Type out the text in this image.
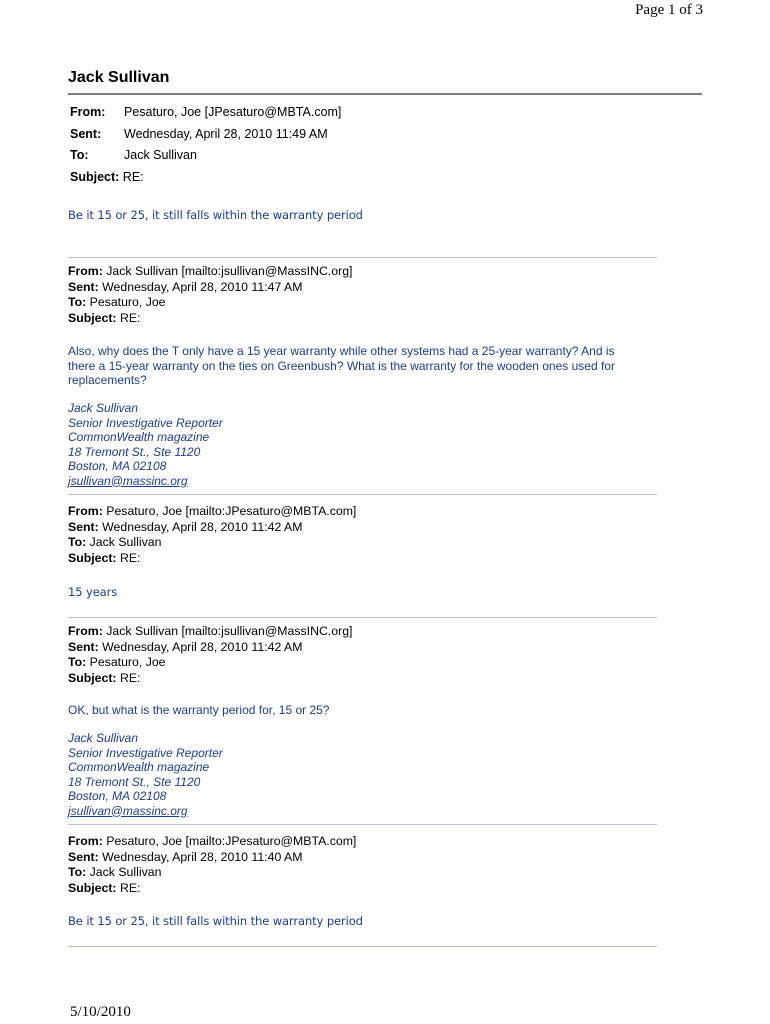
Page 1 of 3
Jack Sullivan
From:	Pesaturo, Joe [JPesaturo@MBTA.com]
Sent:	Wednesday, April 28, 2010 11:49 AM
To:	Jack Sullivan
Subject: RE:	
Be it 15 or 25, it still falls within the warranty period
From: Jack Sullivan [mailto:jsullivan@MassINC.org]
Sent: Wednesday, April 28, 2010 11:47 AM
To: Pesaturo, Joe
Subject: RE:
Also, why does the T only have a 15 year warranty while other systems had a 25-year warranty? And is
there a 15-year warranty on the ties on Greenbush? What is the warranty for the wooden ones used for
replacements?
Jack Sullivan
Senior Investigative Reporter
CommonWealth magazine
18 Tremont St., Ste 1120
Boston, MA 02108
jsullivan@massinc.org
From: Pesaturo, Joe [mailto:JPesaturo@MBTA.com]
Sent: Wednesday, April 28, 2010 11:42 AM
To: Jack Sullivan
Subject: RE:
15 years
From: Jack Sullivan [mailto:jsullivan@MassINC.org]
Sent: Wednesday, April 28, 2010 11:42 AM
To: Pesaturo, Joe
Subject: RE:
OK, but what is the warranty period for, 15 or 25?
Jack Sullivan
Senior Investigative Reporter
CommonWealth magazine
18 Tremont St., Ste 1120
Boston, MA 02108
jsullivan@massinc.org
From: Pesaturo, Joe [mailto:JPesaturo@MBTA.com]
Sent: Wednesday, April 28, 2010 11:40 AM
To: Jack Sullivan
Subject: RE:
Be it 15 or 25, it still falls within the warranty period
5/10/2010
